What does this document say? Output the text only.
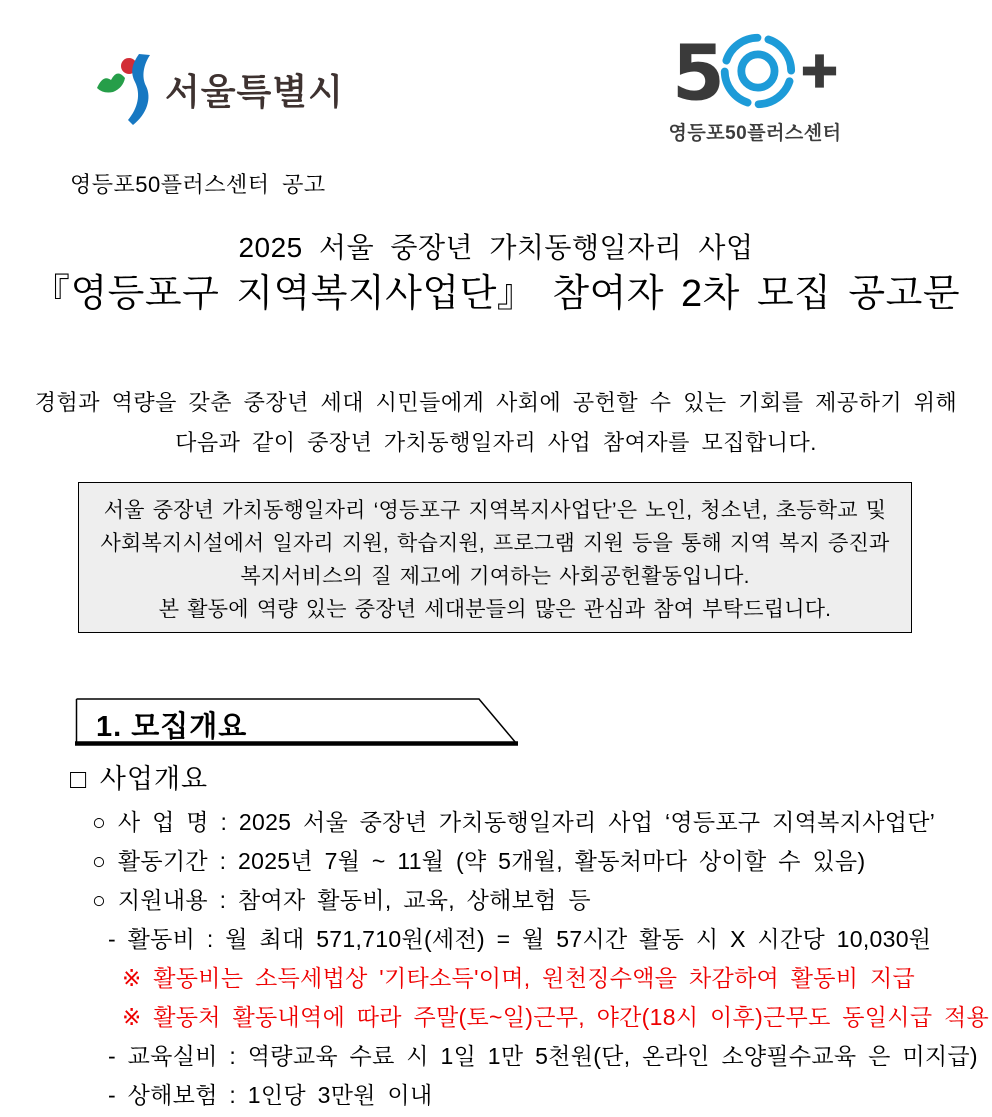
서울특별시	5
영등포50플러스센터
영등포50플러스센터 공고
2025 서울 중장년 가치동행일자리 사업
『영등포구 지역복지사업단』 참여자 2차 모집 공고문
경험과 역량을 갖춘 중장년 세대 시민들에게 사회에 공헌할 수 있는 기회를 제공하기 위해
다음과 같이 중장년 가치동행일자리 사업 참여자를 모집합니다.
서울 중장년 가치동행일자리 ‘영등포구 지역복지사업단’은 노인, 청소년, 초등학교 및
사회복지시설에서 일자리 지원, 학습지원, 프로그램 지원 등을 통해 지역 복지 증진과
복지서비스의 질 제고에 기여하는 사회공헌활동입니다.
본 활동에 역량 있는 중장년 세대분들의 많은 관심과 참여 부탁드립니다.
1. 모집개요
□ 사업개요
○ 사 업 명 : 2025 서울 중장년 가치동행일자리 사업 ‘영등포구 지역복지사업단’
○ 활동기간 : 2025년 7월 ~ 11월 (약 5개월, 활동처마다 상이할 수 있음)
○ 지원내용 : 참여자 활동비, 교육, 상해보험 등
- 활동비 : 월 최대 571,710원(세전) = 월 57시간 활동 시 X 시간당 10,030원
※ 활동비는 소득세법상 '기타소득'이며, 원천징수액을 차감하여 활동비 지급
※ 활동처 활동내역에 따라 주말(토~일)근무, 야간(18시 이후)근무도 동일시급 적용
- 교육실비 : 역량교육 수료 시 1일 1만 5천원(단, 온라인 소양필수교육 은 미지급)
- 상해보험 : 1인당 3만원 이내
